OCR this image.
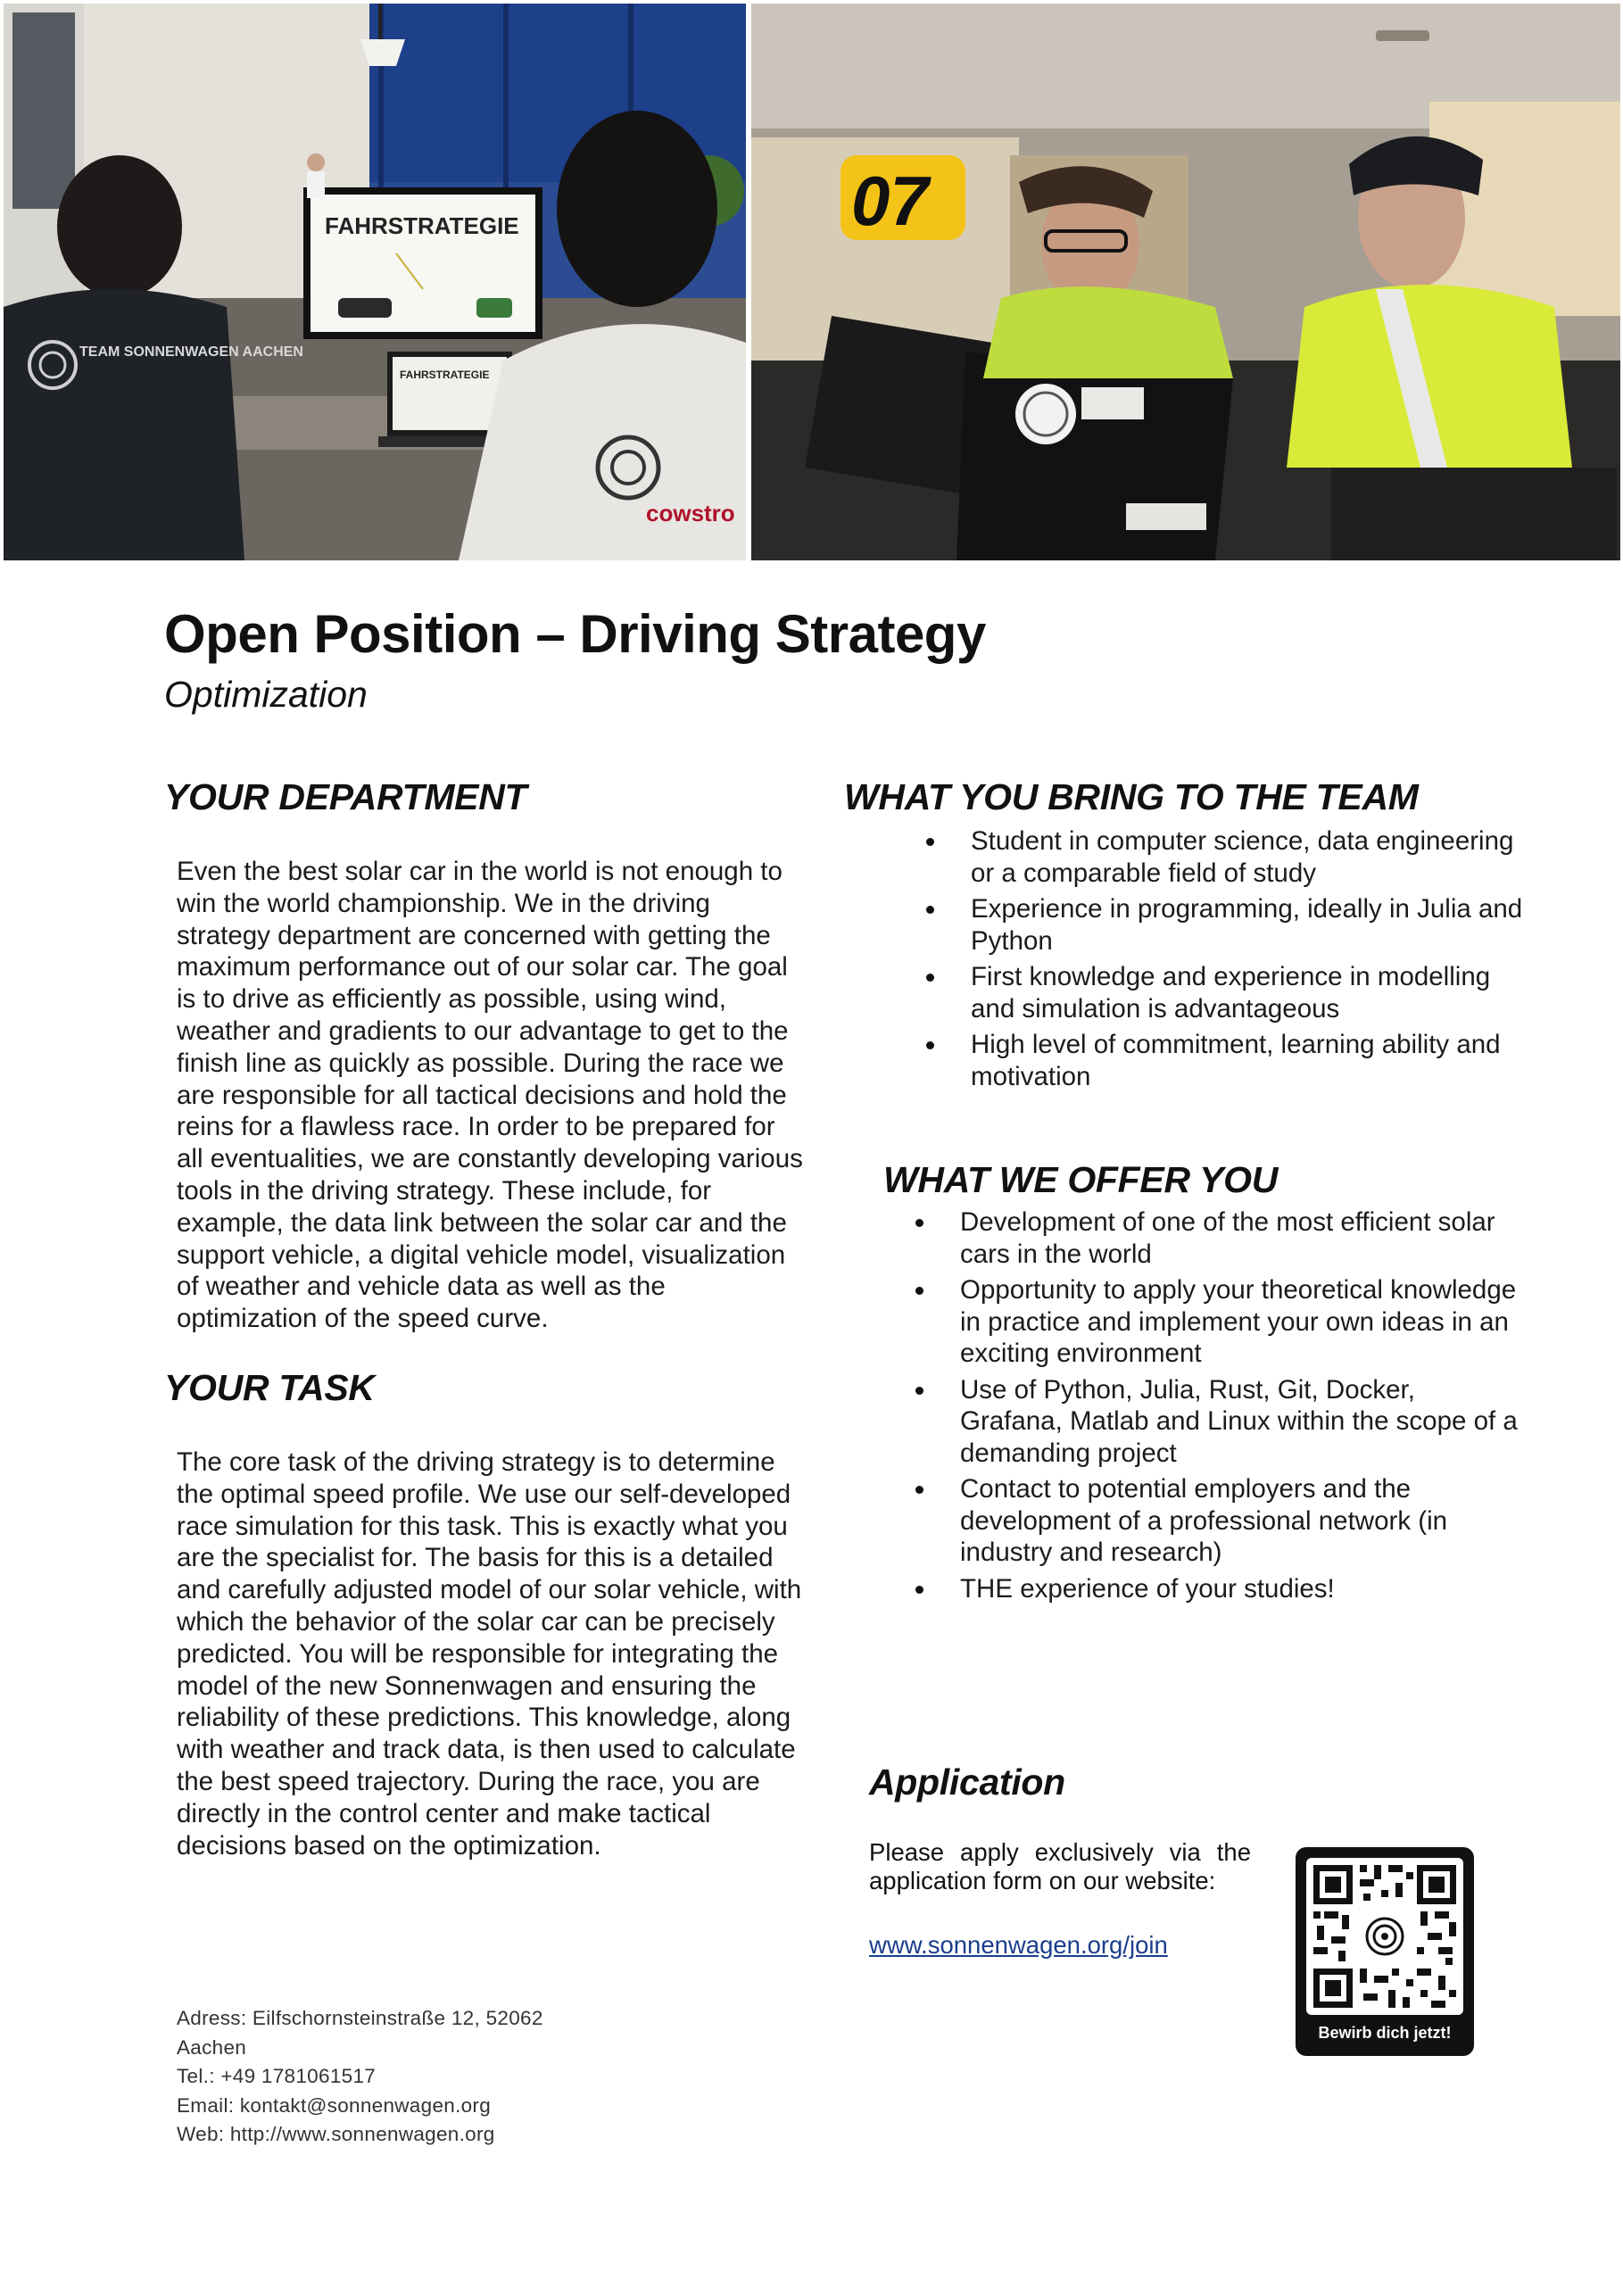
FAHRSTRATEGIE
FAHRSTRATEGIE
TEAM SONNENWAGEN AACHEN
cowstro
07
Open Position – Driving Strategy

Optimization

YOUR DEPARTMENT

Even the best solar car in the world is not enough to win the world championship. We in the driving strategy department are concerned with getting the maximum performance out of our solar car. The goal is to drive as efficiently as possible, using wind, weather and gradients to our advantage to get to the finish line as quickly as possible. During the race we are responsible for all tactical decisions and hold the reins for a flawless race. In order to be prepared for all eventualities, we are constantly developing various tools in the driving strategy. These include, for example, the data link between the solar car and the support vehicle, a digital vehicle model, visualization of weather and vehicle data as well as the optimization of the speed curve.

YOUR TASK

The core task of the driving strategy is to determine the optimal speed profile. We use our self-developed race simulation for this task. This is exactly what you are the specialist for. The basis for this is a detailed and carefully adjusted model of our solar vehicle, with which the behavior of the solar car can be precisely predicted. You will be responsible for integrating the model of the new Sonnenwagen and ensuring the reliability of these predictions. This knowledge, along with weather and track data, is then used to calculate the best speed trajectory. During the race, you are directly in the control center and make tactical decisions based on the optimization.

WHAT YOU BRING TO THE TEAM
Student in computer science, data engineering or a comparable field of study
Experience in programming, ideally in Julia and Python
First knowledge and experience in modelling and simulation is advantageous
High level of commitment, learning ability and motivation
WHAT WE OFFER YOU
Development of one of the most efficient solar cars in the world
Opportunity to apply your theoretical knowledge in practice and implement your own ideas in an exciting environment
Use of Python, Julia, Rust, Git, Docker, Grafana, Matlab and Linux within the scope of a demanding project
Contact to potential employers and the development of a professional network (in industry and research)
THE experience of your studies!
Application

Please apply exclusively via the application form on our website:

www.sonnenwagen.org/join
Bewirb dich jetzt!
Adress: Eilfschornsteinstraße 12, 52062
Aachen
Tel.: +49 1781061517
Email: kontakt@sonnenwagen.org
Web: http://www.sonnenwagen.org
